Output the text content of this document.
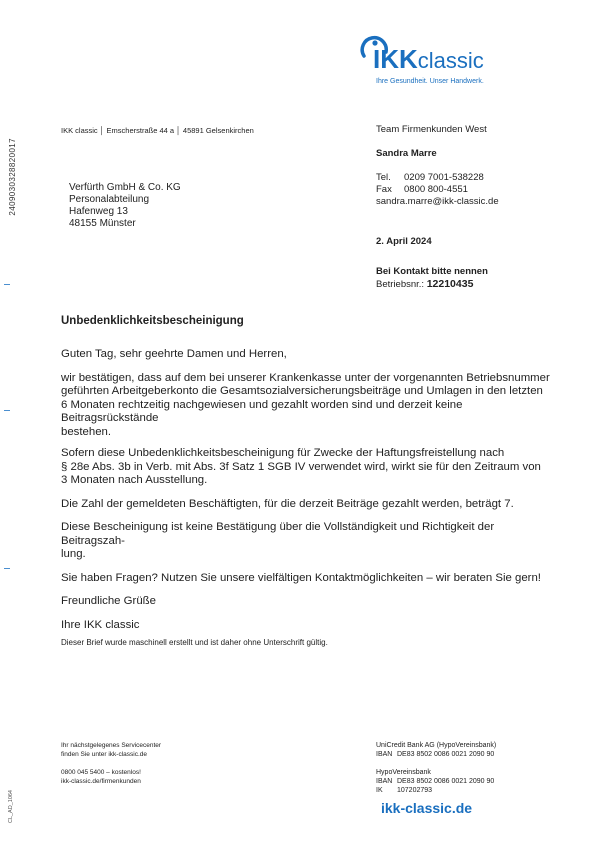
2409030328820017
CL_AD_1064
IKKclassic
Ihre Gesundheit. Unser Handwerk.
IKK classic │ Emscherstraße 44 a │ 45891 Gelsenkirchen
Verfürth GmbH & Co. KG
Personalabteilung
Hafenweg 13
48155 Münster
Team Firmenkunden West
Sandra Marre
Tel.	0209 7001-538228
Fax	0800 800-4551
sandra.marre@ikk-classic.de
2. April 2024
Bei Kontakt bitte nennen
Betriebsnr.: 12210435
Unbedenklichkeitsbescheinigung
Guten Tag, sehr geehrte Damen und Herren,
wir bestätigen, dass auf dem bei unserer Krankenkasse unter der vorgenannten Betriebsnummer
geführten Arbeitgeberkonto die Gesamtsozialversicherungsbeiträge und Umlagen in den letzten
6 Monaten rechtzeitig nachgewiesen und gezahlt worden sind und derzeit keine Beitragsrückstände
bestehen.
Sofern diese Unbedenklichkeitsbescheinigung für Zwecke der Haftungsfreistellung nach
§ 28e Abs. 3b in Verb. mit Abs. 3f Satz 1 SGB IV verwendet wird, wirkt sie für den Zeitraum von
3 Monaten nach Ausstellung.
Die Zahl der gemeldeten Beschäftigten, für die derzeit Beiträge gezahlt werden, beträgt 7.
Diese Bescheinigung ist keine Bestätigung über die Vollständigkeit und Richtigkeit der Beitragszah-
lung.
Sie haben Fragen? Nutzen Sie unsere vielfältigen Kontaktmöglichkeiten – wir beraten Sie gern!
Freundliche Grüße
Ihre IKK classic
Dieser Brief wurde maschinell erstellt und ist daher ohne Unterschrift gültig.
Ihr nächstgelegenes Servicecenter
finden Sie unter ikk-classic.de
0800 045 5400 – kostenlos!
ikk-classic.de/firmenkunden
UniCredit Bank AG (HypoVereinsbank)
IBAN DE83 8502 0086 0021 2090 90
HypoVereinsbank
IBAN DE83 8502 0086 0021 2090 90
IK	107202793
ikk-classic.de
